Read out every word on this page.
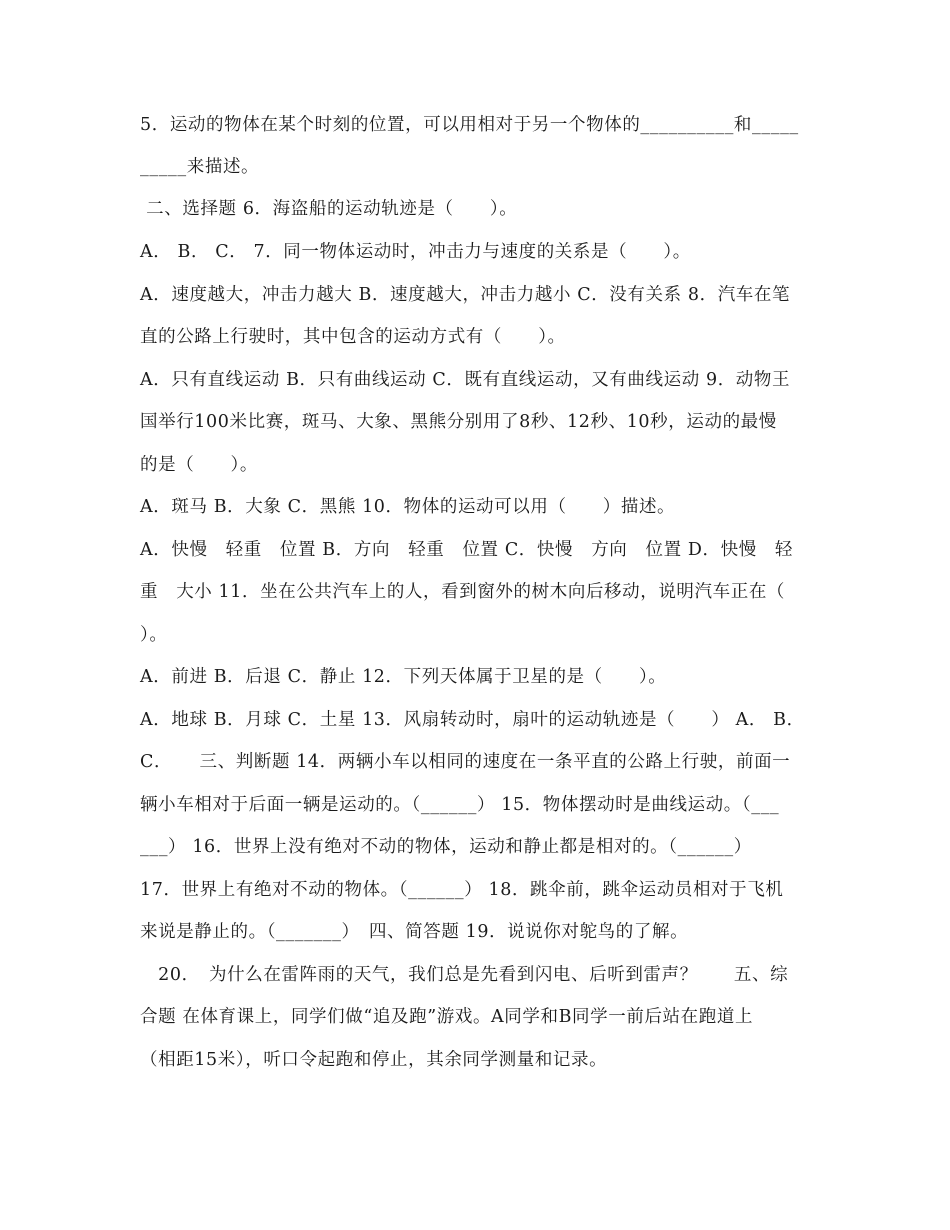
5．运动的物体在某个时刻的位置，可以用相对于另一个物体的__________和_____
_____来描述。
二、选择题 6．海盗船的运动轨迹是（　　）。
A． B． C． 7．同一物体运动时，冲击力与速度的关系是（　　）。
A．速度越大，冲击力越大 B．速度越大，冲击力越小 C．没有关系 8．汽车在笔
直的公路上行驶时，其中包含的运动方式有（　　）。
A．只有直线运动 B．只有曲线运动 C．既有直线运动，又有曲线运动 9．动物王
国举行100米比赛，斑马、大象、黑熊分别用了8秒、12秒、10秒，运动的最慢
的是（　　）。
A．斑马 B．大象 C．黑熊 10．物体的运动可以用（　　）描述。
A．快慢　轻重　位置 B．方向　轻重　位置 C．快慢　方向　位置 D．快慢　轻
重　大小 11．坐在公共汽车上的人，看到窗外的树木向后移动，说明汽车正在（
）。
A．前进 B．后退 C．静止 12．下列天体属于卫星的是（　　）。
A．地球 B．月球 C．土星 13．风扇转动时，扇叶的运动轨迹是（　　） A． B．
C．　　三、判断题 14．两辆小车以相同的速度在一条平直的公路上行驶，前面一
辆小车相对于后面一辆是运动的。（______） 15．物体摆动时是曲线运动。（___
___） 16．世界上没有绝对不动的物体，运动和静止都是相对的。（______）
17．世界上有绝对不动的物体。（______） 18．跳伞前，跳伞运动员相对于飞机
来说是静止的。（_______）　四、简答题 19．说说你对鸵鸟的了解。
　20．　为什么在雷阵雨的天气，我们总是先看到闪电、后听到雷声？　　五、综
合题 在体育课上，同学们做“追及跑”游戏。A同学和B同学一前后站在跑道上
（相距15米），听口令起跑和停止，其余同学测量和记录。
